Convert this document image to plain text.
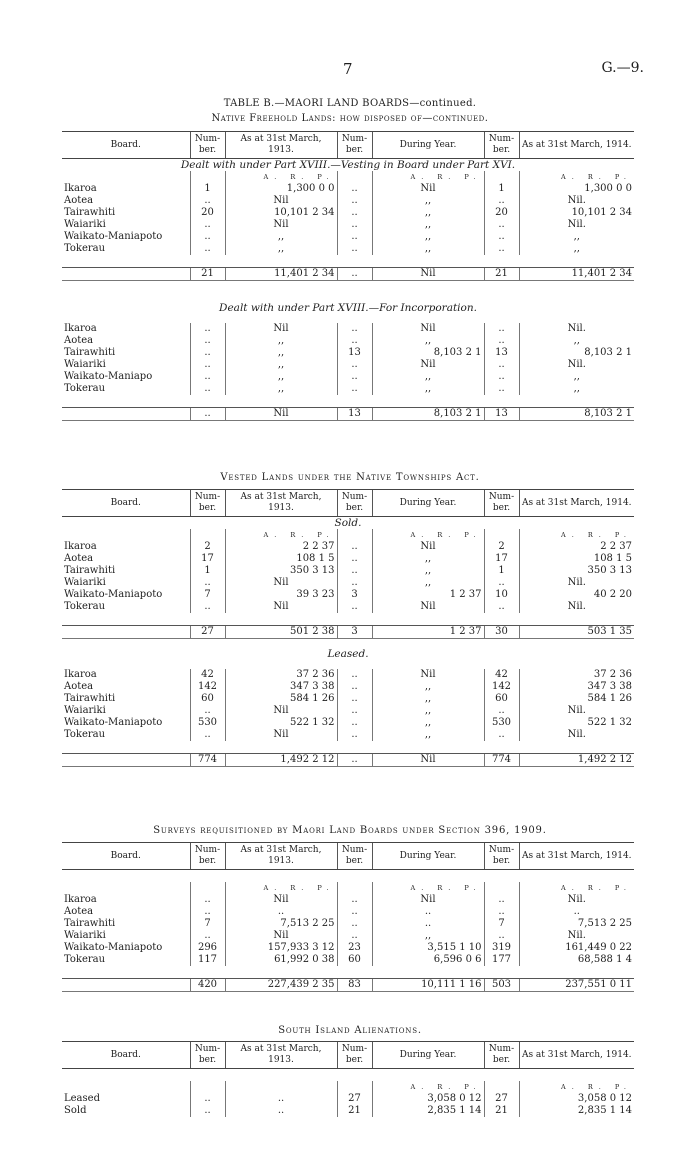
7	G.—9.
TABLE B.—MAORI LAND BOARDS—continued.
Native Freehold Lands: how disposed of—continued.
Board.	Num-ber.	As at 31st March, 1913.	Num-ber.	During Year.	Num-ber.	As at 31st March, 1914.
Dealt with under Part XVIII.—Vesting in Board under Part XVI.						
		A. R. P.		A. R. P.		A. R. P.
Ikaroa	1	1,300 0 0	..	Nil	1	1,300 0 0
Aotea	..	Nil	..	,,	..	Nil.
Tairawhiti	20	10,101 2 34	..	,,	20	10,101 2 34
Waiariki	..	Nil	..	,,	..	Nil.
Waikato-Maniapoto	..	,,	..	,,	..	,,
Tokerau	..	,,	..	,,	..	,,

	21	11,401 2 34	..	Nil	21	11,401 2 34

Dealt with under Part XVIII.—For Incorporation.						
Ikaroa	..	Nil	..	Nil	..	Nil.
Aotea	..	,,	..	,,	..	,,
Tairawhiti	..	,,	13	8,103 2 1	13	8,103 2 1
Waiariki	..	,,	..	Nil	..	Nil.
Waikato-Maniapo	..	,,	..	,,	..	,,
Tokerau	..	,,	..	,,	..	,,

	..	Nil	13	8,103 2 1	13	8,103 2 1
Vested Lands under the Native Townships Act.
Board.	Num-ber.	As at 31st March, 1913.	Num-ber.	During Year.	Num-ber.	As at 31st March, 1914.
Sold.						
		A. R. P.		A. R. P.		A. R. P.
Ikaroa	2	2 2 37	..	Nil	2	2 2 37
Aotea	17	108 1 5	..	,,	17	108 1 5
Tairawhiti	1	350 3 13	..	,,	1	350 3 13
Waiariki	..	Nil	..	,,	..	Nil.
Waikato-Maniapoto	7	39 3 23	3	1 2 37	10	40 2 20
Tokerau	..	Nil	..	Nil	..	Nil.

	27	501 2 38	3	1 2 37	30	503 1 35
Leased.						
Ikaroa	42	37 2 36	..	Nil	42	37 2 36
Aotea	142	347 3 38	..	,,	142	347 3 38
Tairawhiti	60	584 1 26	..	,,	60	584 1 26
Waiariki	..	Nil	..	,,	..	Nil.
Waikato-Maniapoto	530	522 1 32	..	,,	530	522 1 32
Tokerau	..	Nil	..	,,	..	Nil.

	774	1,492 2 12	..	Nil	774	1,492 2 12
Surveys requisitioned by Maori Land Boards under Section 396, 1909.
Board.	Num-ber.	As at 31st March, 1913.	Num-ber.	During Year.	Num-ber.	As at 31st March, 1914.

		A. R. P.		A. R. P.		A. R. P.
Ikaroa	..	Nil	..	Nil	..	Nil.
Aotea	..	..	..	..	..	..
Tairawhiti	7	7,513 2 25	..	..	7	7,513 2 25
Waiariki	..	Nil	..	,,	..	Nil.
Waikato-Maniapoto	296	157,933 3 12	23	3,515 1 10	319	161,449 0 22
Tokerau	117	61,992 0 38	60	6,596 0 6	177	68,588 1 4

	420	227,439 2 35	83	10,111 1 16	503	237,551 0 11
South Island Alienations.
Board.	Num-ber.	As at 31st March, 1913.	Num-ber.	During Year.	Num-ber.	As at 31st March, 1914.

				A. R. P.		A. R. P.
Leased	..	..	27	3,058 0 12	27	3,058 0 12
Sold	..	..	21	2,835 1 14	21	2,835 1 14
